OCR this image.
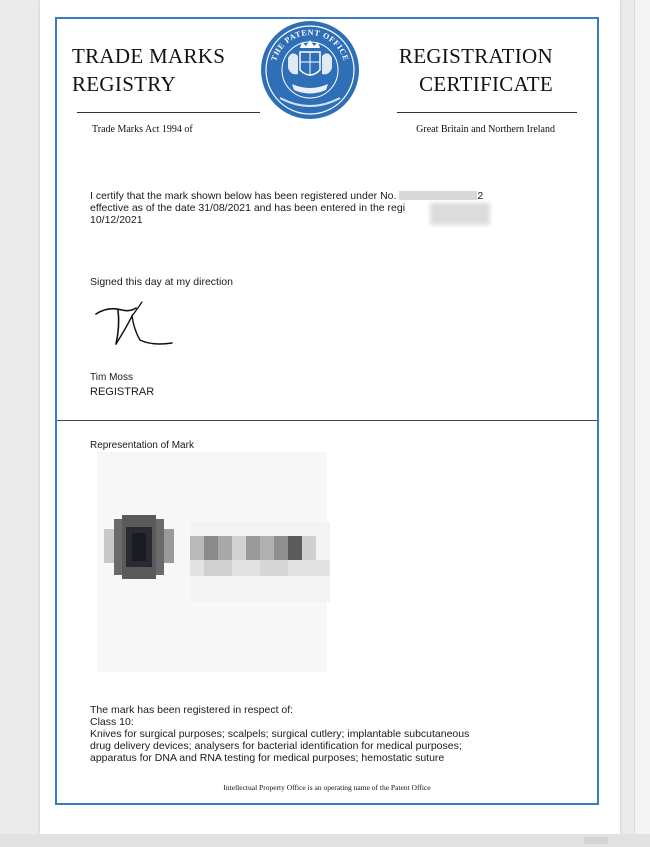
TRADE MARKS
REGISTRY
THE PATENT OFFICE	REGISTRATION
CERTIFICATE
Trade Marks Act 1994 of	Great Britain and Northern Ireland
I certify that the mark shown below has been registered under No.	2
effective as of the date 31/08/2021 and has been entered in the regi
10/12/2021
Signed this day at my direction
Tim Moss
REGISTRAR
Representation of Mark
The mark has been registered in respect of:
Class 10:
Knives for surgical purposes; scalpels; surgical cutlery; implantable subcutaneous
drug delivery devices; analysers for bacterial identification for medical purposes;
apparatus for DNA and RNA testing for medical purposes; hemostatic suture
Intellectual Property Office is an operating name of the Patent Office
